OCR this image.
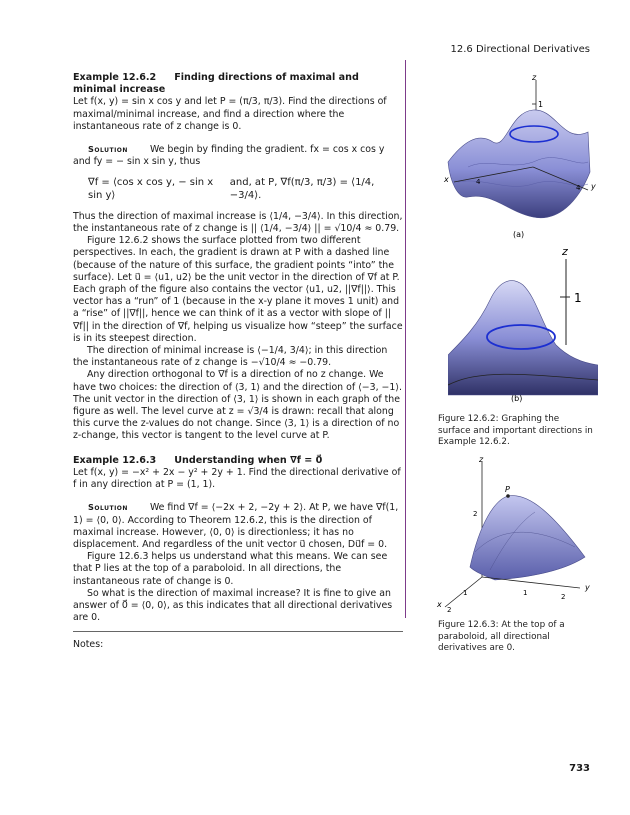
12.6 Directional Derivatives
Example 12.6.2 Finding directions of maximal and minimal increase

Let f(x, y) = sin x cos y and let P = (π/3, π/3). Find the directions of maximal/minimal increase, and find a direction where the instantaneous rate of z change is 0.

Solution We begin by finding the gradient. fx = cos x cos y and fy = − sin x sin y, thus

∇f = ⟨cos x cos y, − sin x sin y⟩
and, at P, ∇f(π/3, π/3) = ⟨1/4, −3/4⟩.

Thus the direction of maximal increase is ⟨1/4, −3/4⟩. In this direction, the instantaneous rate of z change is || ⟨1/4, −3/4⟩ || = √10/4 ≈ 0.79.

Figure 12.6.2 shows the surface plotted from two different perspectives. In each, the gradient is drawn at P with a dashed line (because of the nature of this surface, the gradient points “into” the surface). Let u⃗ = ⟨u1, u2⟩ be the unit vector in the direction of ∇f at P. Each graph of the figure also contains the vector ⟨u1, u2, ||∇f||⟩. This vector has a “run” of 1 (because in the x-y plane it moves 1 unit) and a “rise” of ||∇f||, hence we can think of it as a vector with slope of ||∇f|| in the direction of ∇f, helping us visualize how “steep” the surface is in its steepest direction.

The direction of minimal increase is ⟨−1/4, 3/4⟩; in this direction the instantaneous rate of z change is −√10/4 ≈ −0.79.

Any direction orthogonal to ∇f is a direction of no z change. We have two choices: the direction of ⟨3, 1⟩ and the direction of ⟨−3, −1⟩. The unit vector in the direction of ⟨3, 1⟩ is shown in each graph of the figure as well. The level curve at z = √3/4 is drawn: recall that along this curve the z-values do not change. Since ⟨3, 1⟩ is a direction of no z-change, this vector is tangent to the level curve at P.

Example 12.6.3 Understanding when ∇f = 0⃗

Let f(x, y) = −x² + 2x − y² + 2y + 1. Find the directional derivative of f in any direction at P = (1, 1).

Solution We find ∇f = ⟨−2x + 2, −2y + 2⟩. At P, we have ∇f(1, 1) = ⟨0, 0⟩. According to Theorem 12.6.2, this is the direction of maximal increase. However, ⟨0, 0⟩ is directionless; it has no displacement. And regardless of the unit vector u⃗ chosen, Du⃗f = 0.

Figure 12.6.3 helps us understand what this means. We can see that P lies at the top of a paraboloid. In all directions, the instantaneous rate of change is 0.

So what is the direction of maximal increase? It is fine to give an answer of 0⃗ = ⟨0, 0⟩, as this indicates that all directional derivatives are 0.

z
1
x	4	y
4
(a)
z
1
(b)
Figure 12.6.2: Graphing the surface and important directions in Example 12.6.2.
z
2
P
y
1	2
x
1
2
Figure 12.6.3: At the top of a paraboloid, all directional derivatives are 0.
Notes:
733
